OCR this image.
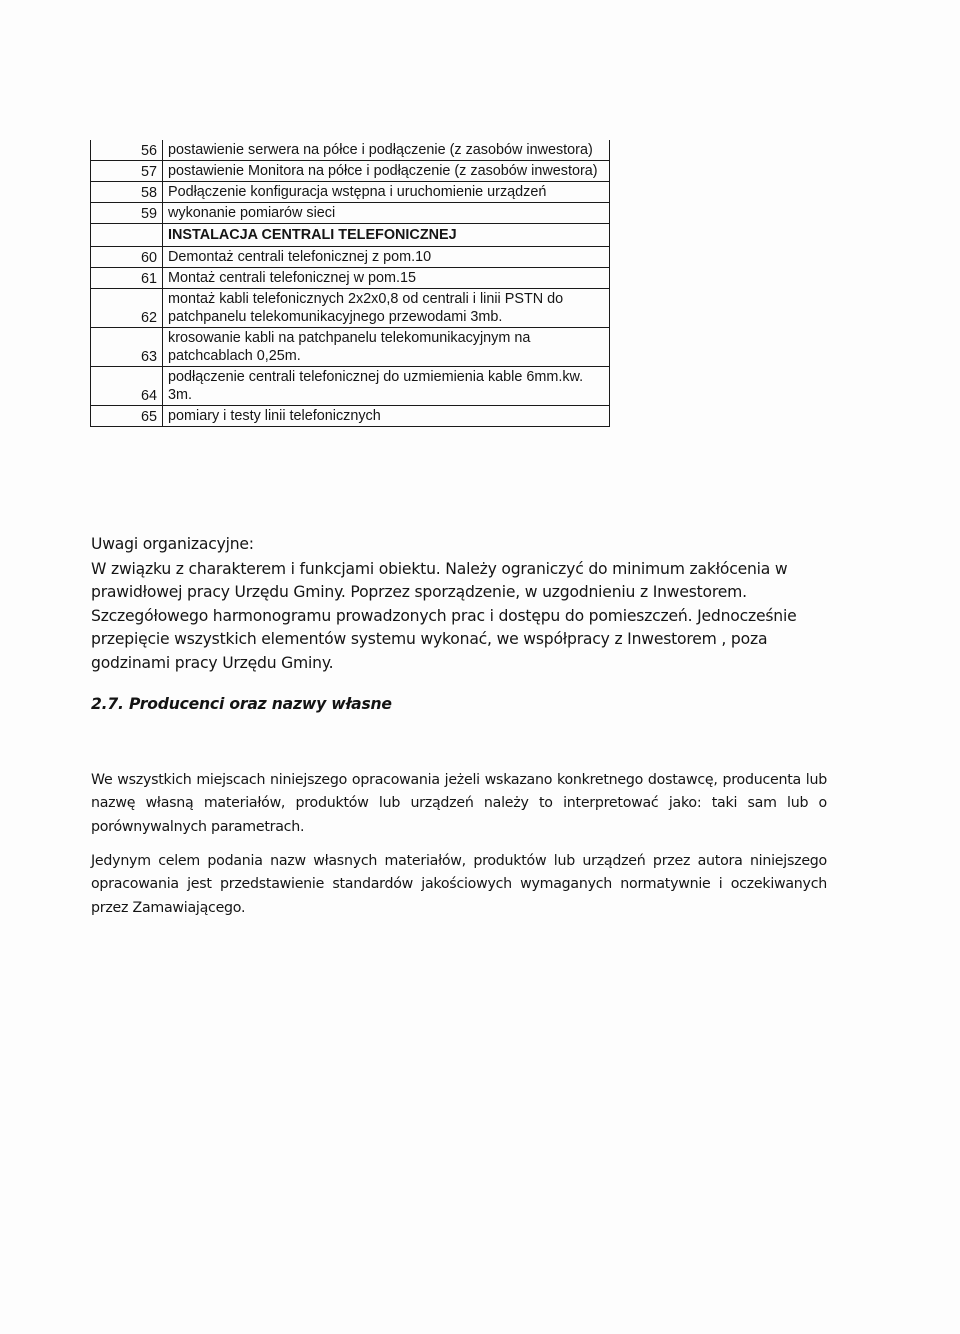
56	postawienie serwera na półce i podłączenie (z zasobów inwestora)
57	postawienie Monitora na półce i podłączenie (z zasobów inwestora)
58	Podłączenie konfiguracja wstępna i uruchomienie urządzeń
59	wykonanie pomiarów sieci
	INSTALACJA CENTRALI TELEFONICZNEJ
60	Demontaż centrali telefonicznej z pom.10
61	Montaż centrali telefonicznej w pom.15
62	montaż kabli telefonicznych 2x2x0,8 od centrali i linii PSTN do patchpanelu telekomunikacyjnego przewodami 3mb.
63	krosowanie kabli na patchpanelu telekomunikacyjnym na patchcablach 0,25m.
64	podłączenie centrali telefonicznej do uzmiemienia kable 6mm.kw. 3m.
65	pomiary i testy linii telefonicznych

Uwagi organizacyjne:

W związku z charakterem i funkcjami obiektu. Należy ograniczyć do minimum zakłócenia w

prawidłowej pracy Urzędu Gminy. Poprzez sporządzenie, w uzgodnieniu z Inwestorem.

Szczegółowego harmonogramu prowadzonych prac i dostępu do pomieszczeń. Jednocześnie

przepięcie wszystkich elementów systemu wykonać, we współpracy z Inwestorem , poza

godzinami pracy Urzędu Gminy.

2.7. Producenci oraz nazwy własne

We wszystkich miejscach niniejszego opracowania jeżeli wskazano konkretnego dostawcę, producenta lub nazwę własną materiałów, produktów lub urządzeń należy to interpretować jako: taki sam lub o porównywalnych parametrach.

Jedynym celem podania nazw własnych materiałów, produktów lub urządzeń przez autora niniejszego opracowania jest przedstawienie standardów jakościowych wymaganych normatywnie i oczekiwanych przez Zamawiającego.
